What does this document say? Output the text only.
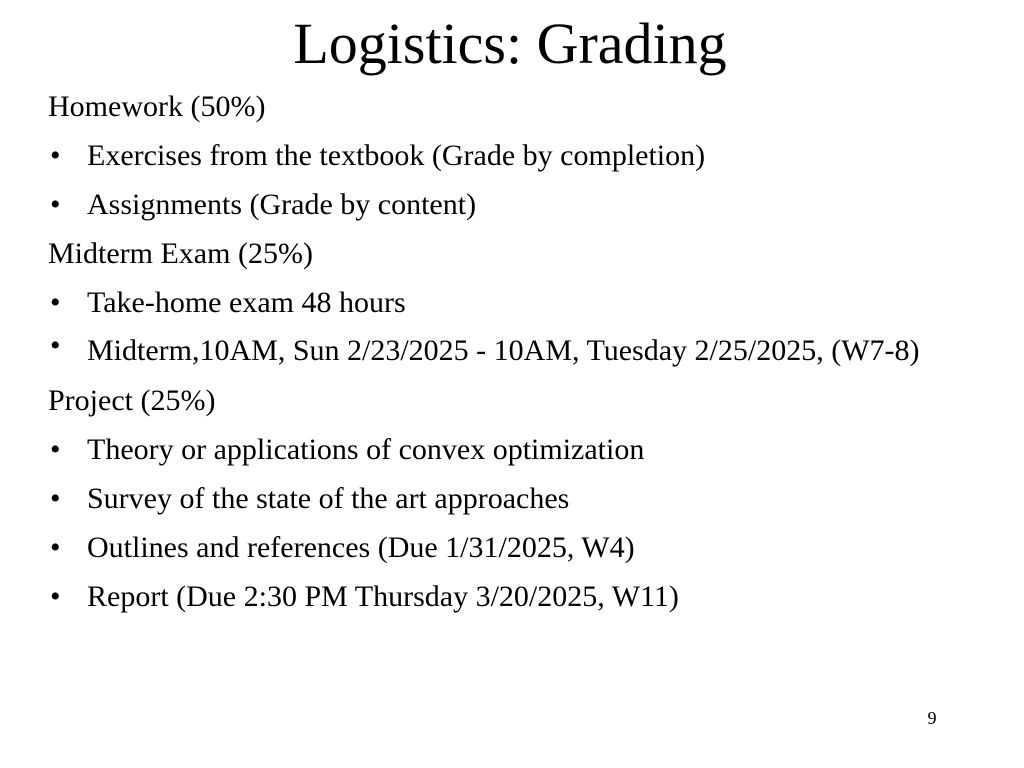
Logistics: Grading
Homework (50%)
• Exercises from the textbook (Grade by completion)
• Assignments (Grade by content)
Midterm Exam (25%)
• Take-home exam 48 hours
• Midterm,10AM, Sun 2/23/2025 - 10AM, Tuesday 2/25/2025, (W7-8)
Project (25%)
• Theory or applications of convex optimization
• Survey of the state of the art approaches
• Outlines and references (Due 1/31/2025, W4)
• Report (Due 2:30 PM Thursday 3/20/2025, W11)
9
